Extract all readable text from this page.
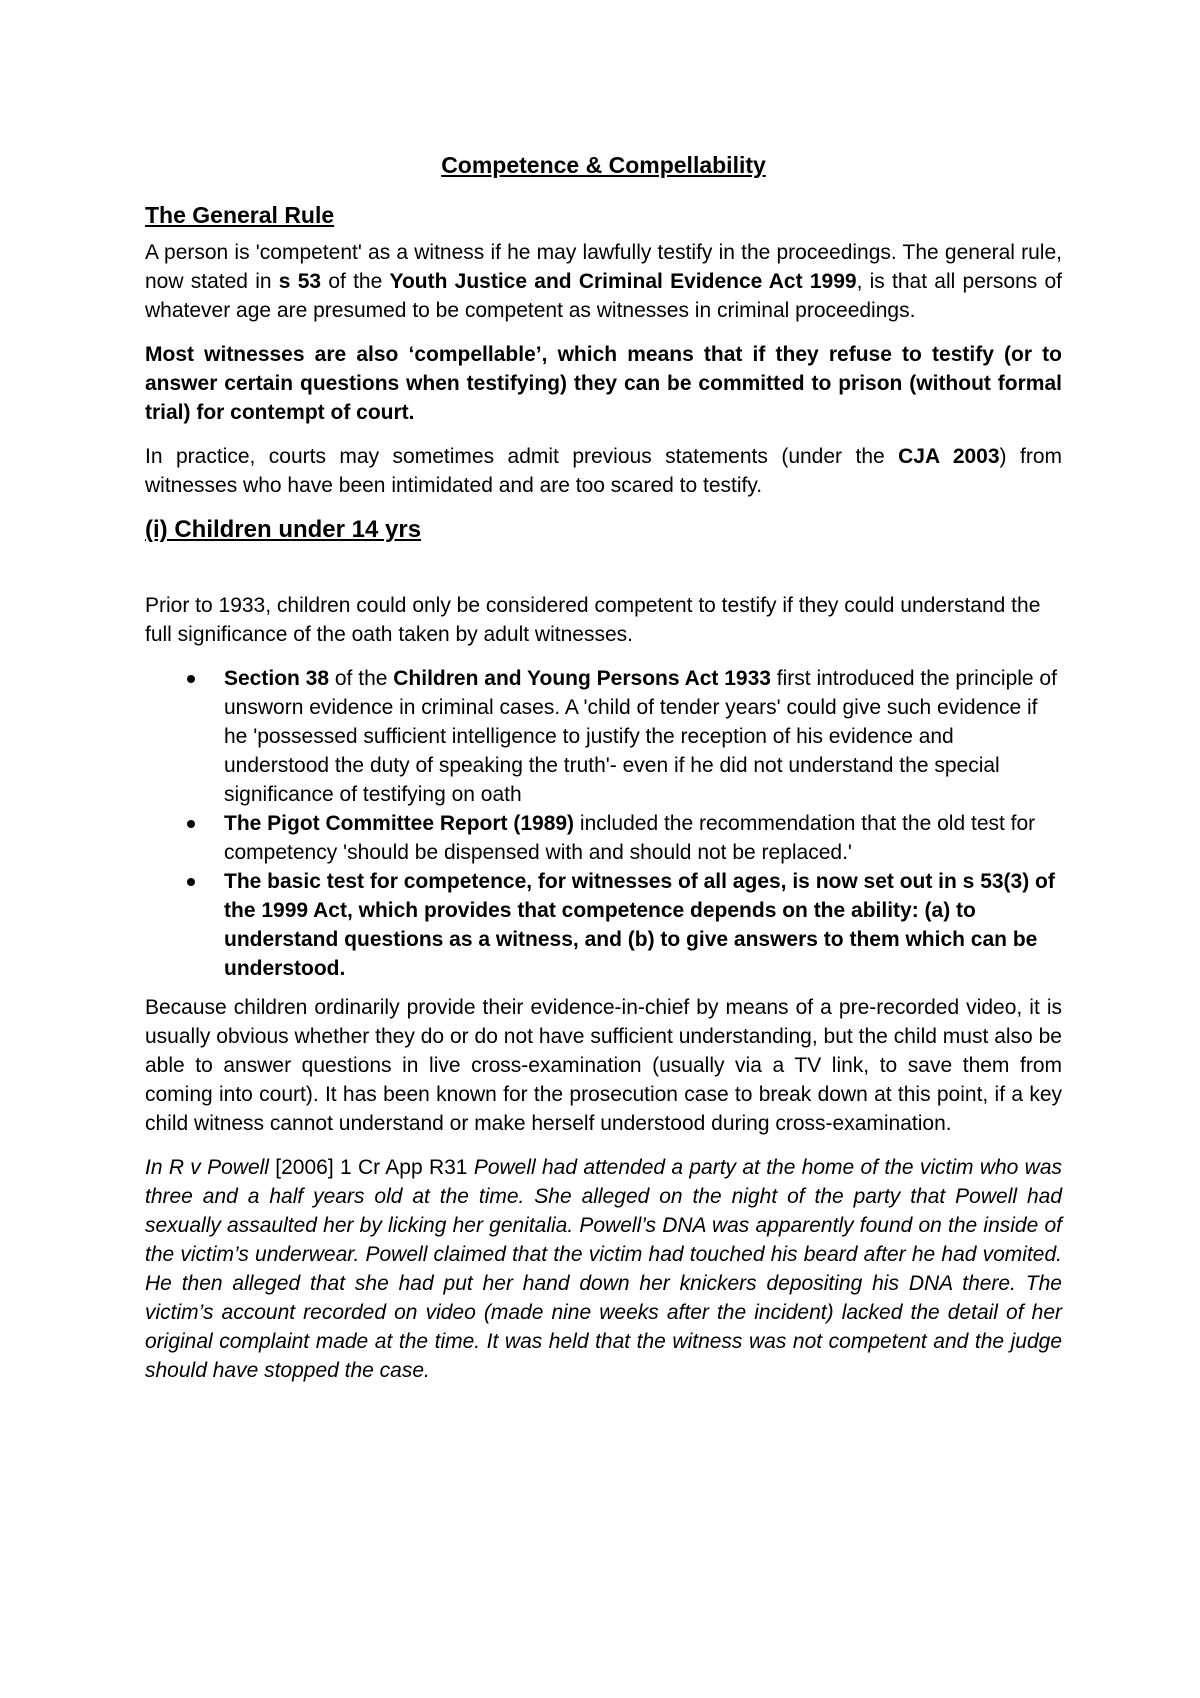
Competence & Compellability
The General Rule

A person is 'competent' as a witness if he may lawfully testify in the proceedings. The general rule, now stated in s 53 of the Youth Justice and Criminal Evidence Act 1999, is that all persons of whatever age are presumed to be competent as witnesses in criminal proceedings.

Most witnesses are also ‘compellable’, which means that if they refuse to testify (or to answer certain questions when testifying) they can be committed to prison (without formal trial) for contempt of court.

In practice, courts may sometimes admit previous statements (under the CJA 2003) from witnesses who have been intimidated and are too scared to testify.

(i) Children under 14 yrs

Prior to 1933, children could only be considered competent to testify if they could understand the full significance of the oath taken by adult witnesses.

Section 38 of the Children and Young Persons Act 1933 first introduced the principle of unsworn evidence in criminal cases. A 'child of tender years' could give such evidence if he 'possessed sufficient intelligence to justify the reception of his evidence and understood the duty of speaking the truth'- even if he did not understand the special significance of testifying on oath
The Pigot Committee Report (1989) included the recommendation that the old test for competency 'should be dispensed with and should not be replaced.'
The basic test for competence, for witnesses of all ages, is now set out in s 53(3) of the 1999 Act, which provides that competence depends on the ability: (a) to understand questions as a witness, and (b) to give answers to them which can be understood.

Because children ordinarily provide their evidence-in-chief by means of a pre-recorded video, it is usually obvious whether they do or do not have sufficient understanding, but the child must also be able to answer questions in live cross-examination (usually via a TV link, to save them from coming into court). It has been known for the prosecution case to break down at this point, if a key child witness cannot understand or make herself understood during cross-examination.

In R v Powell [2006] 1 Cr App R31 Powell had attended a party at the home of the victim who was three and a half years old at the time. She alleged on the night of the party that Powell had sexually assaulted her by licking her genitalia. Powell’s DNA was apparently found on the inside of the victim’s underwear. Powell claimed that the victim had touched his beard after he had vomited. He then alleged that she had put her hand down her knickers depositing his DNA there. The victim’s account recorded on video (made nine weeks after the incident) lacked the detail of her original complaint made at the time. It was held that the witness was not competent and the judge should have stopped the case.
